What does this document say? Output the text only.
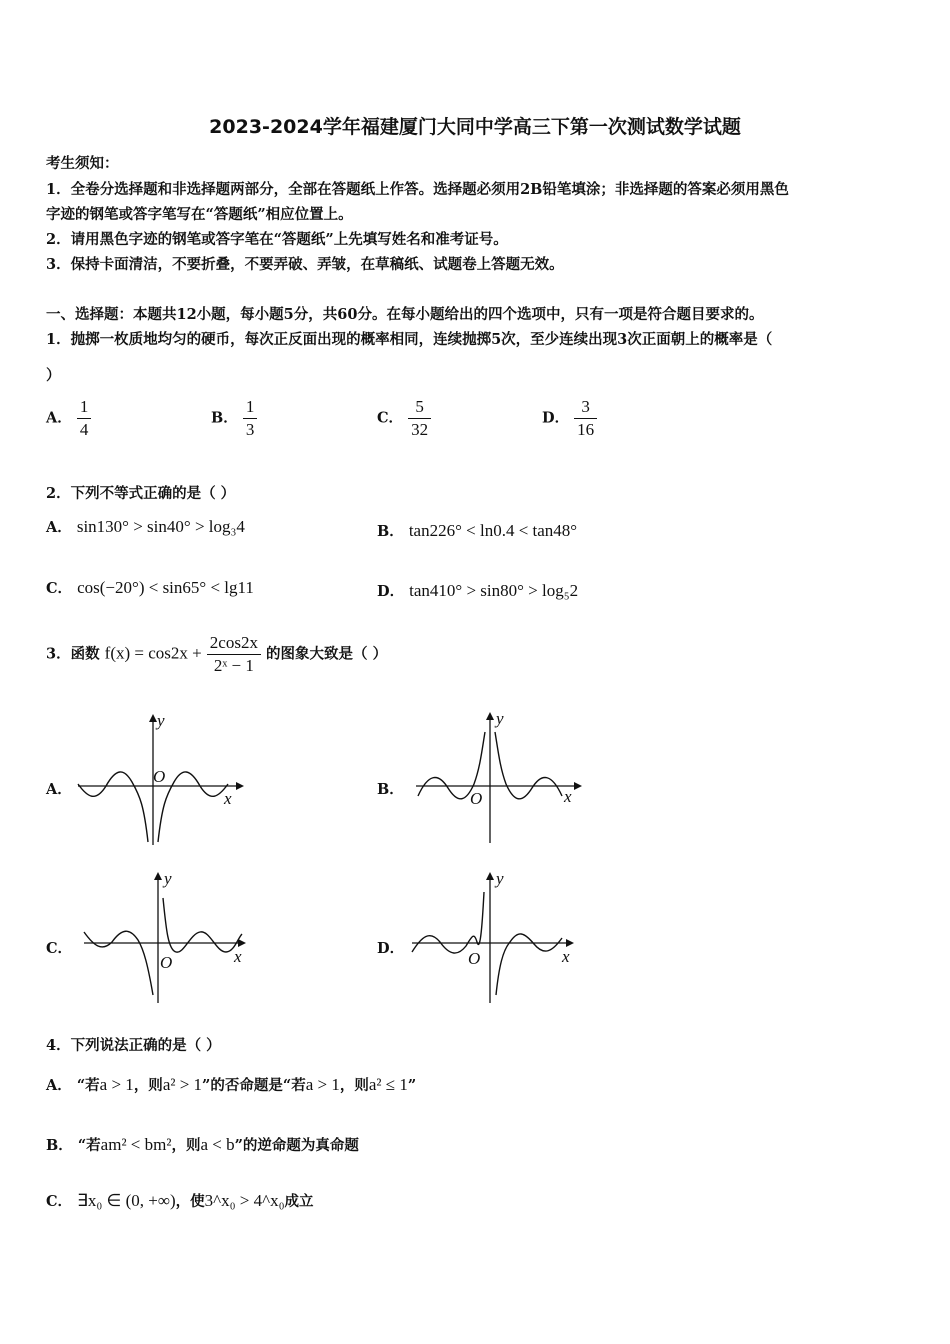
2023-2024学年福建厦门大同中学高三下第一次测试数学试题
考生须知：
1．全卷分选择题和非选择题两部分，全部在答题纸上作答。选择题必须用2B铅笔填涂；非选择题的答案必须用黑色
字迹的钢笔或答字笔写在“答题纸”相应位置上。
2．请用黑色字迹的钢笔或答字笔在“答题纸”上先填写姓名和准考证号。
3．保持卡面清洁，不要折叠，不要弄破、弄皱，在草稿纸、试题卷上答题无效。
一、选择题：本题共12小题，每小题5分，共60分。在每小题给出的四个选项中，只有一项是符合题目要求的。
1．抛掷一枚质地均匀的硬币，每次正反面出现的概率相同，连续抛掷5次，至少连续出现3次正面朝上的概率是（
）
A． $\frac{1}{4}$	B． $\frac{1}{3}$	C． $\frac{5}{32}$	D． $\frac{3}{16}$
2．下列不等式正确的是（ ）
A． sin130° > sin40° > log₃4	B． tan226° < ln0.4 < tan48°
C． cos(−20°) < sin65° < lg11	D． tan410° > sin80° > log₅2
3．函数 $f(x) = \cos 2x + \frac{2\cos 2x}{\text{2ˣ − 1}}$ 的图象大致是（ ）
A．
y
x
O
B．
y
x
O
C．
y
x
O
D．
y
x
O
4．下列说法正确的是（ ）
A． “若a > 1，则a² > 1”的否命题是“若a > 1，则a² ≤ 1”
B． “若am² < bm²，则a < b”的逆命题为真命题
C． ∃x₀ ∈ (0, +∞)，使3^x₀ > 4^x₀成立
